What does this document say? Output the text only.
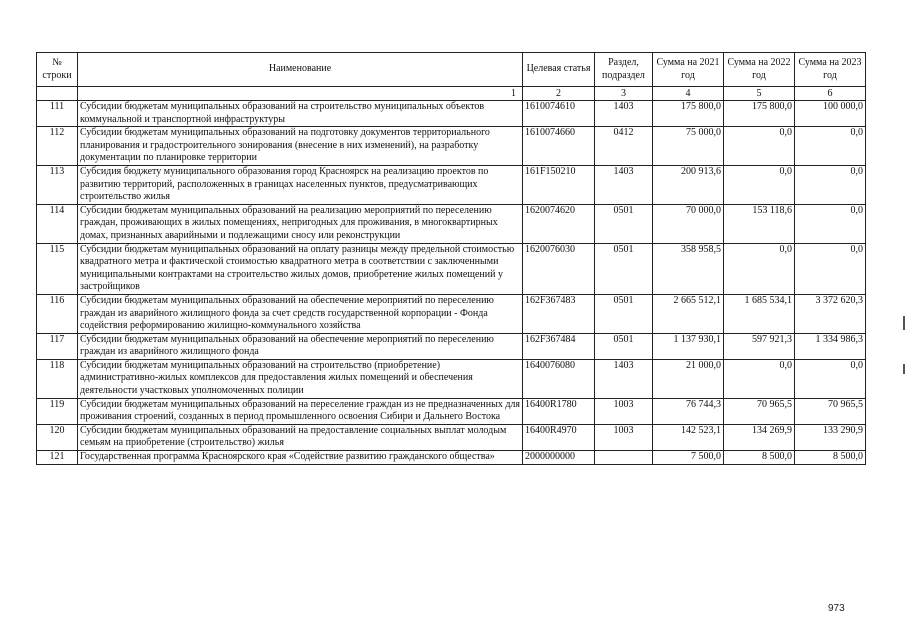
№ строки	Наименование	Целевая статья	Раздел, подраздел	Сумма на 2021 год	Сумма на 2022 год	Сумма на 2023 год
	1	2	3	4	5	6
111	Субсидии бюджетам муниципальных образований на строительство муниципальных объектов коммунальной и транспортной инфраструктуры	1610074610	1403	175 800,0	175 800,0	100 000,0
112	Субсидии бюджетам муниципальных образований на подготовку документов территориального планирования и градостроительного зонирования (внесение в них изменений), на разработку документации по планировке территории	1610074660	0412	75 000,0	0,0	0,0
113	Субсидия бюджету муниципального образования город Красноярск на реализацию проектов по развитию территорий, расположенных в границах населенных пунктов, предусматривающих строительство жилья	161F150210	1403	200 913,6	0,0	0,0
114	Субсидии бюджетам муниципальных образований на реализацию мероприятий по переселению граждан, проживающих в жилых помещениях, непригодных для проживания, в многоквартирных домах, признанных аварийными и подлежащими сносу или реконструкции	1620074620	0501	70 000,0	153 118,6	0,0
115	Субсидии бюджетам муниципальных образований на оплату разницы между предельной стоимостью квадратного метра и фактической стоимостью квадратного метра в соответствии с заключенными муниципальными контрактами на строительство жилых домов, приобретение жилых помещений у застройщиков	1620076030	0501	358 958,5	0,0	0,0
116	Субсидии бюджетам муниципальных образований на обеспечение мероприятий по переселению граждан из аварийного жилищного фонда за счет средств государственной корпорации - Фонда содействия реформированию жилищно-коммунального хозяйства	162F367483	0501	2 665 512,1	1 685 534,1	3 372 620,3
117	Субсидии бюджетам муниципальных образований на обеспечение мероприятий по переселению граждан из аварийного жилищного фонда	162F367484	0501	1 137 930,1	597 921,3	1 334 986,3
118	Субсидии бюджетам муниципальных образований на строительство (приобретение) административно-жилых комплексов для предоставления жилых помещений и обеспечения деятельности участковых уполномоченных полиции	1640076080	1403	21 000,0	0,0	0,0
119	Субсидии бюджетам муниципальных образований на переселение граждан из не предназначенных для проживания строений, созданных в период промышленного освоения Сибири и Дальнего Востока	16400R1780	1003	76 744,3	70 965,5	70 965,5
120	Субсидии бюджетам муниципальных образований на предоставление социальных выплат молодым семьям на приобретение (строительство) жилья	16400R4970	1003	142 523,1	134 269,9	133 290,9
121	Государственная программа Красноярского края «Содействие развитию гражданского общества»	2000000000		7 500,0	8 500,0	8 500,0
973
